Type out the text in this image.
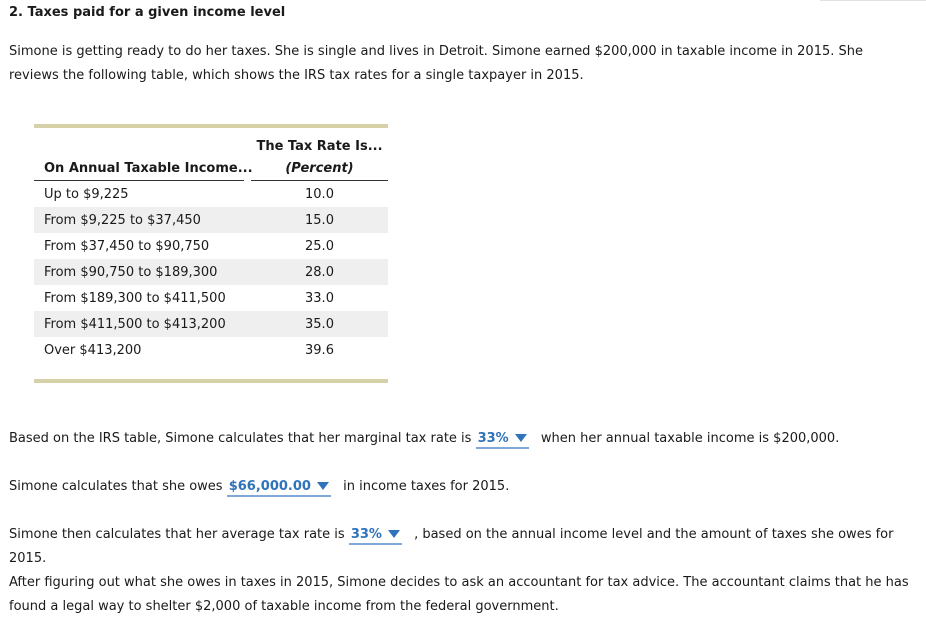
2. Taxes paid for a given income level
Simone is getting ready to do her taxes. She is single and lives in Detroit. Simone earned $200,000 in taxable income in 2015. She reviews the following table, which shows the IRS tax rates for a single taxpayer in 2015.
The Tax Rate Is...
(Percent)
On Annual Taxable Income...
Up to $9,225	10.0
From $9,225 to $37,450	15.0
From $37,450 to $90,750	25.0
From $90,750 to $189,300	28.0
From $189,300 to $411,500	33.0
From $411,500 to $413,200	35.0
Over $413,200	39.6
Based on the IRS table, Simone calculates that her marginal tax rate is 33% when her annual taxable income is $200,000.
Simone calculates that she owes $66,000.00 in income taxes for 2015.
Simone then calculates that her average tax rate is 33% , based on the annual income level and the amount of taxes she owes for 2015.
After figuring out what she owes in taxes in 2015, Simone decides to ask an accountant for tax advice. The accountant claims that he has found a legal way to shelter $2,000 of taxable income from the federal government.
